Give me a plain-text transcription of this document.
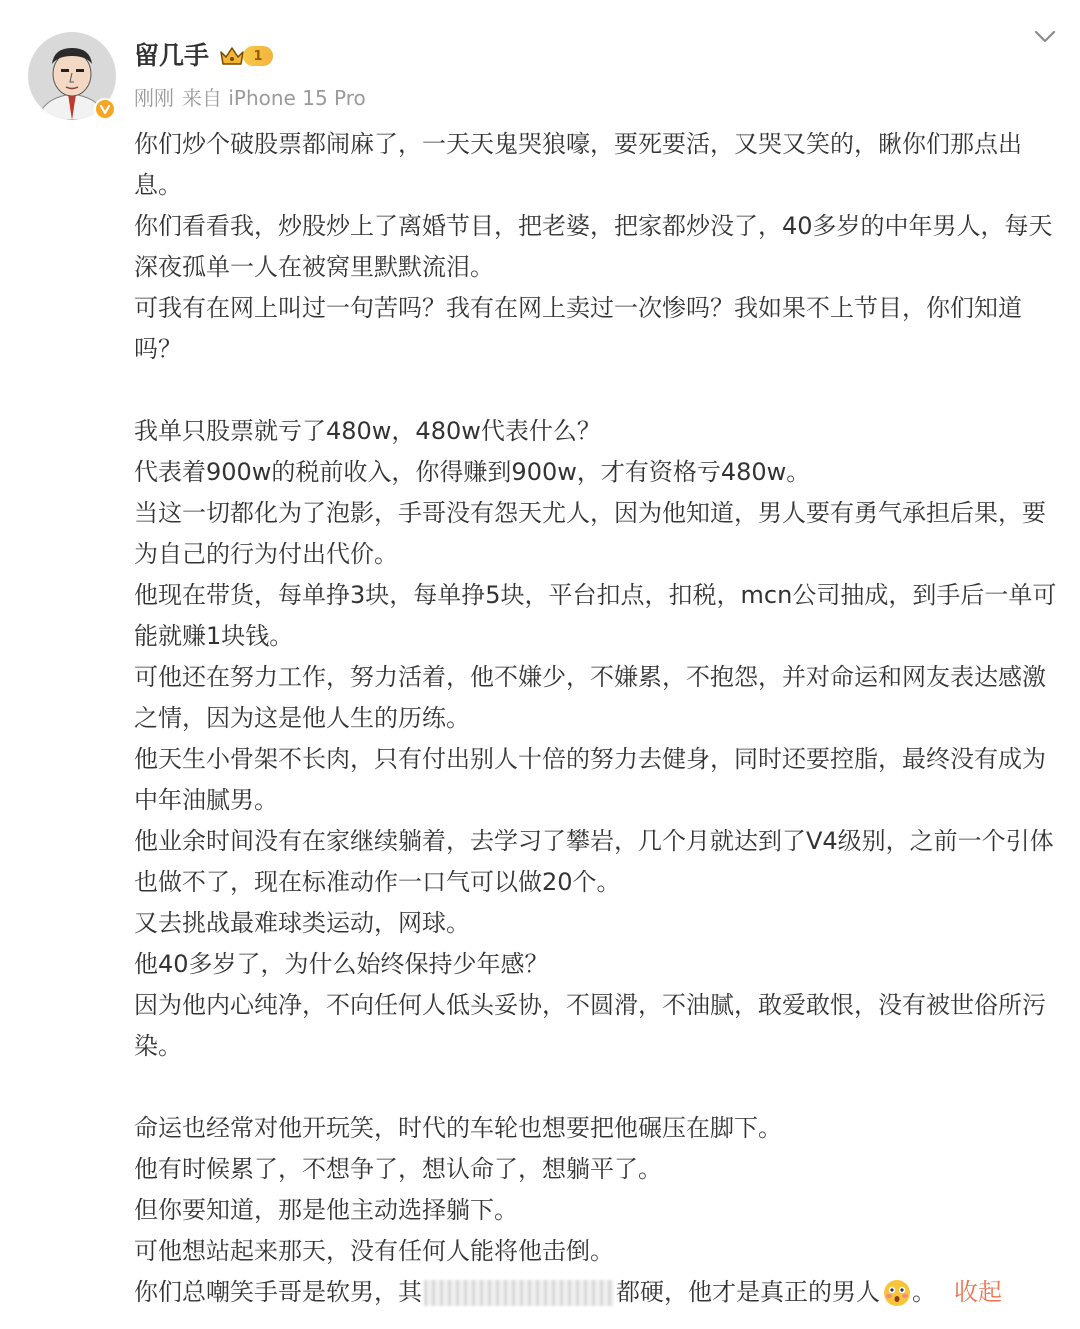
留几手	1
刚刚 来自 iPhone 15 Pro

你们炒个破股票都闹麻了，一天天鬼哭狼嚎，要死要活，又哭又笑的，瞅你们那点出息。

你们看看我，炒股炒上了离婚节目，把老婆，把家都炒没了，40多岁的中年男人，每天深夜孤单一人在被窝里默默流泪。

可我有在网上叫过一句苦吗？我有在网上卖过一次惨吗？我如果不上节目，你们知道吗？

我单只股票就亏了480w，480w代表什么？

代表着900w的税前收入，你得赚到900w，才有资格亏480w。

当这一切都化为了泡影，手哥没有怨天尤人，因为他知道，男人要有勇气承担后果，要为自己的行为付出代价。

他现在带货，每单挣3块，每单挣5块，平台扣点，扣税，mcn公司抽成，到手后一单可能就赚1块钱。

可他还在努力工作，努力活着，他不嫌少，不嫌累，不抱怨，并对命运和网友表达感激之情，因为这是他人生的历练。

他天生小骨架不长肉，只有付出别人十倍的努力去健身，同时还要控脂，最终没有成为中年油腻男。

他业余时间没有在家继续躺着，去学习了攀岩，几个月就达到了V4级别，之前一个引体也做不了，现在标准动作一口气可以做20个。

又去挑战最难球类运动，网球。

他40多岁了，为什么始终保持少年感？

因为他内心纯净，不向任何人低头妥协，不圆滑，不油腻，敢爱敢恨，没有被世俗所污染。

命运也经常对他开玩笑，时代的车轮也想要把他碾压在脚下。

他有时候累了，不想争了，想认命了，想躺平了。

但你要知道，那是他主动选择躺下。

可他想站起来那天，没有任何人能将他击倒。

你们总嘲笑手哥是软男，其	都硬，他才是真正的男人 。 收起
